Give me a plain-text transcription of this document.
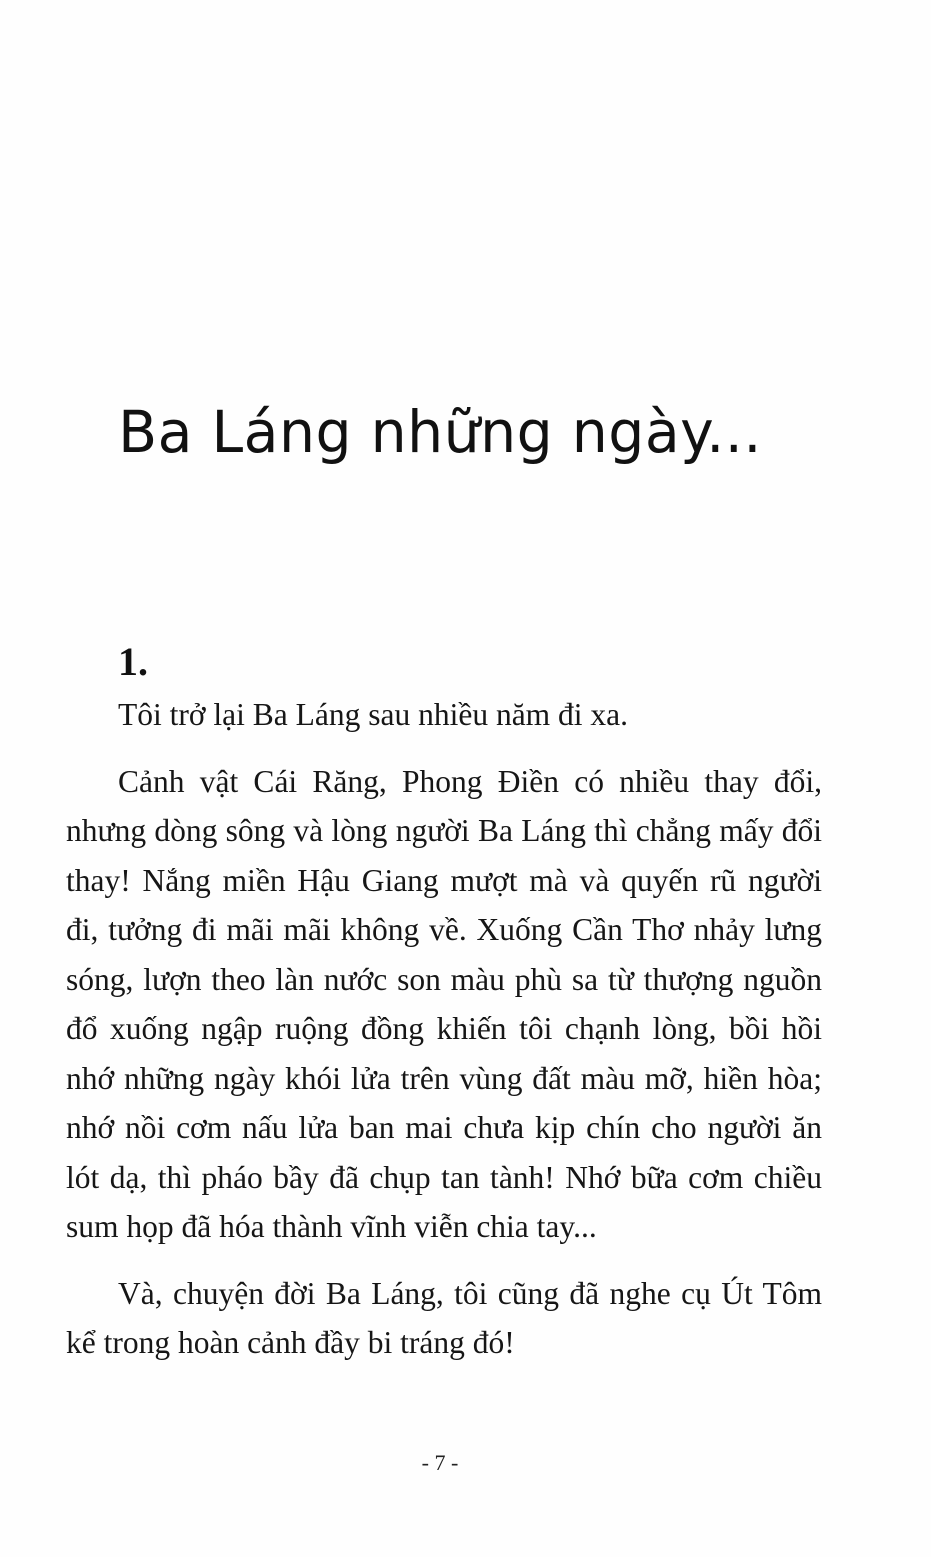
Ba Láng những ngày...
1.

Tôi trở lại Ba Láng sau nhiều năm đi xa.

Cảnh vật Cái Răng, Phong Điền có nhiều thay đổi, nhưng dòng sông và lòng người Ba Láng thì chẳng mấy đổi thay! Nắng miền Hậu Giang mượt mà và quyến rũ người đi, tưởng đi mãi mãi không về. Xuống Cần Thơ nhảy lưng sóng, lượn theo làn nước son màu phù sa từ thượng nguồn đổ xuống ngập ruộng đồng khiến tôi chạnh lòng, bồi hồi nhớ những ngày khói lửa trên vùng đất màu mỡ, hiền hòa; nhớ nồi cơm nấu lửa ban mai chưa kịp chín cho người ăn lót dạ, thì pháo bầy đã chụp tan tành! Nhớ bữa cơm chiều sum họp đã hóa thành vĩnh viễn chia tay...

Và, chuyện đời Ba Láng, tôi cũng đã nghe cụ Út Tôm kể trong hoàn cảnh đầy bi tráng đó!

- 7 -
